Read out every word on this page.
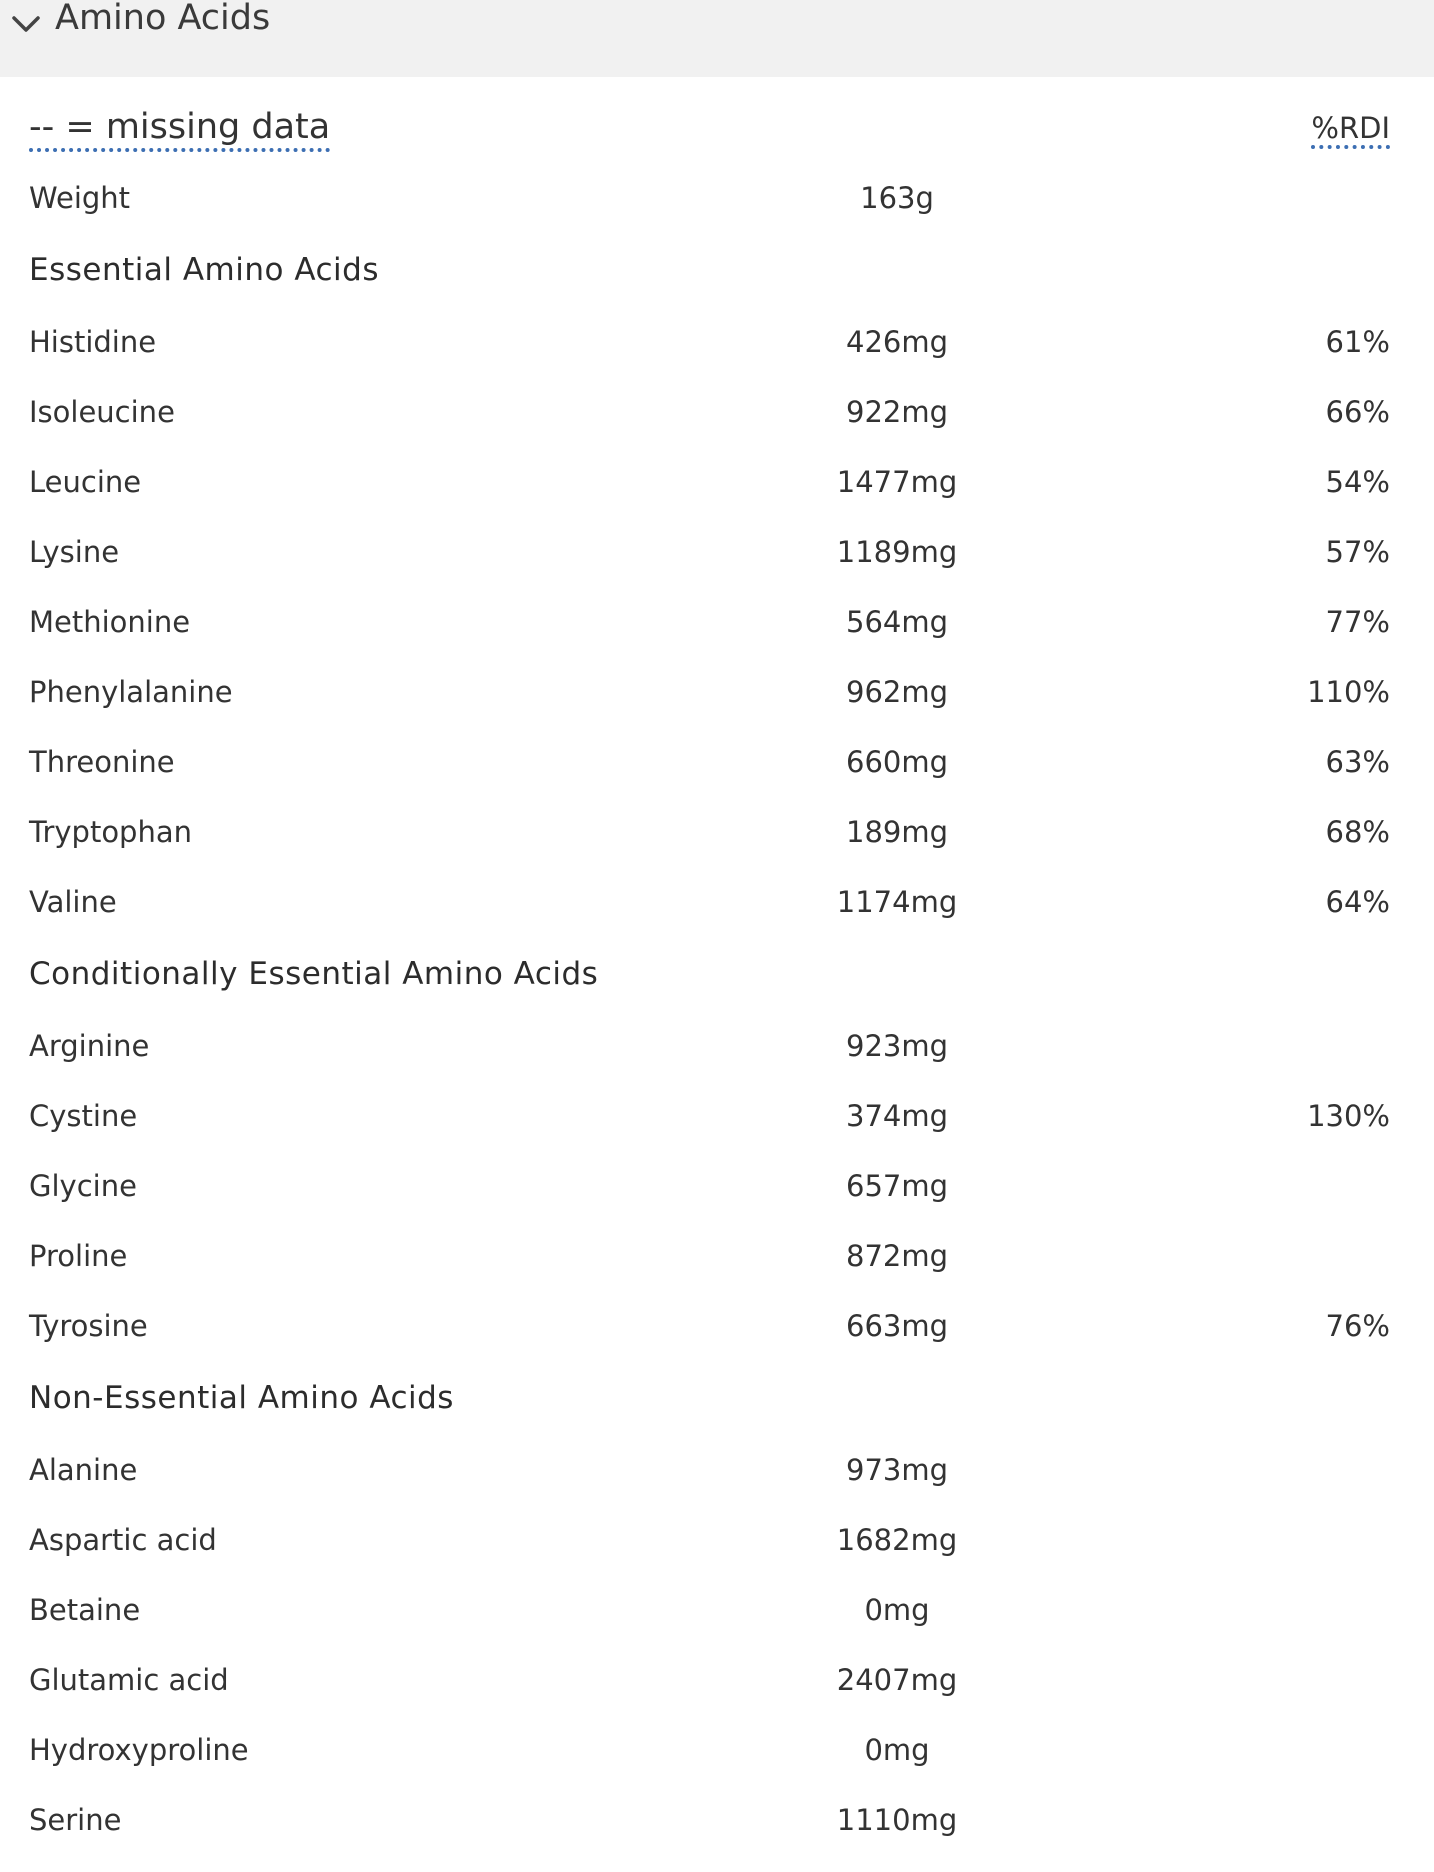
Amino Acids
-- = missing data	%RDI
Weight	163g
Essential Amino Acids
Histidine	426mg	61%
Isoleucine	922mg	66%
Leucine	1477mg	54%
Lysine	1189mg	57%
Methionine	564mg	77%
Phenylalanine	962mg	110%
Threonine	660mg	63%
Tryptophan	189mg	68%
Valine	1174mg	64%
Conditionally Essential Amino Acids
Arginine	923mg
Cystine	374mg	130%
Glycine	657mg
Proline	872mg
Tyrosine	663mg	76%
Non-Essential Amino Acids
Alanine	973mg
Aspartic acid	1682mg
Betaine	0mg
Glutamic acid	2407mg
Hydroxyproline	0mg
Serine	1110mg
